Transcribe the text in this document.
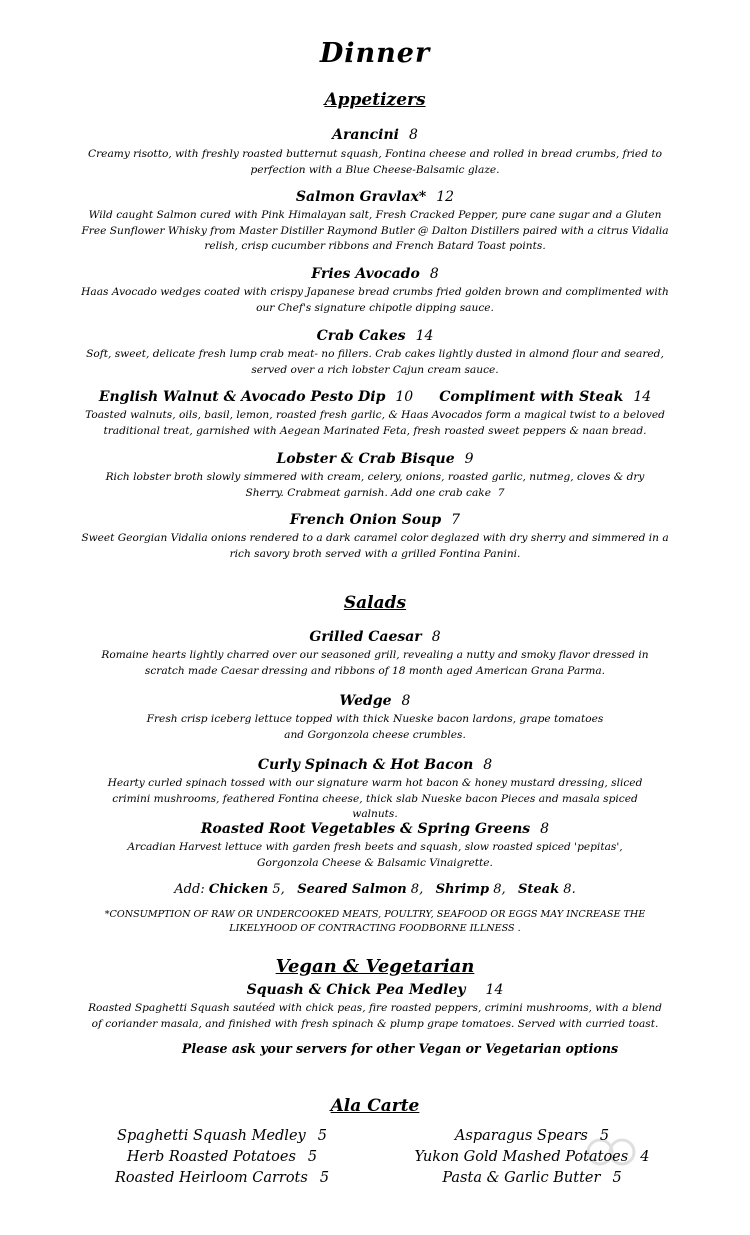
Dinner
Appetizers
Arancini 8
Creamy risotto, with freshly roasted butternut squash, Fontina cheese and rolled in bread crumbs, fried to perfection with a Blue Cheese-Balsamic glaze.
Salmon Gravlax* 12
Wild caught Salmon cured with Pink Himalayan salt, Fresh Cracked Pepper, pure cane sugar and a Gluten Free Sunflower Whisky from Master Distiller Raymond Butler @ Dalton Distillers paired with a citrus Vidalia relish, crisp cucumber ribbons and French Batard Toast points.
Fries Avocado 8
Haas Avocado wedges coated with crispy Japanese bread crumbs fried golden brown and complimented with our Chef's signature chipotle dipping sauce.
Crab Cakes 14
Soft, sweet, delicate fresh lump crab meat- no fillers. Crab cakes lightly dusted in almond flour and seared, served over a rich lobster Cajun cream sauce.
English Walnut & Avocado Pesto Dip 10 Compliment with Steak 14
Toasted walnuts, oils, basil, lemon, roasted fresh garlic, & Haas Avocados form a magical twist to a beloved traditional treat, garnished with Aegean Marinated Feta, fresh roasted sweet peppers & naan bread.
Lobster & Crab Bisque 9
Rich lobster broth slowly simmered with cream, celery, onions, roasted garlic, nutmeg, cloves & dry Sherry. Crabmeat garnish. Add one crab cake 7
French Onion Soup 7
Sweet Georgian Vidalia onions rendered to a dark caramel color deglazed with dry sherry and simmered in a rich savory broth served with a grilled Fontina Panini.
Salads
Grilled Caesar 8
Romaine hearts lightly charred over our seasoned grill, revealing a nutty and smoky flavor dressed in scratch made Caesar dressing and ribbons of 18 month aged American Grana Parma.
Wedge 8
Fresh crisp iceberg lettuce topped with thick Nueske bacon lardons, grape tomatoes and Gorgonzola cheese crumbles.
Curly Spinach & Hot Bacon 8
Hearty curled spinach tossed with our signature warm hot bacon & honey mustard dressing, sliced crimini mushrooms, feathered Fontina cheese, thick slab Nueske bacon Pieces and masala spiced walnuts.
Roasted Root Vegetables & Spring Greens 8
Arcadian Harvest lettuce with garden fresh beets and squash, slow roasted spiced 'pepitas', Gorgonzola Cheese & Balsamic Vinaigrette.
Add: Chicken 5, Seared Salmon 8, Shrimp 8, Steak 8.
*CONSUMPTION OF RAW OR UNDERCOOKED MEATS, POULTRY, SEAFOOD OR EGGS MAY INCREASE THE LIKELYHOOD OF CONTRACTING FOODBORNE ILLNESS .
Vegan & Vegetarian
Squash & Chick Pea Medley 14
Roasted Spaghetti Squash sautéed with chick peas, fire roasted peppers, crimini mushrooms, with a blend of coriander masala, and finished with fresh spinach & plump grape tomatoes. Served with curried toast.
Please ask your servers for other Vegan or Vegetarian options
Ala Carte
Spaghetti Squash Medley 5
Herb Roasted Potatoes 5
Roasted Heirloom Carrots 5
Asparagus Spears 5
Yukon Gold Mashed Potatoes 4
Pasta & Garlic Butter 5
